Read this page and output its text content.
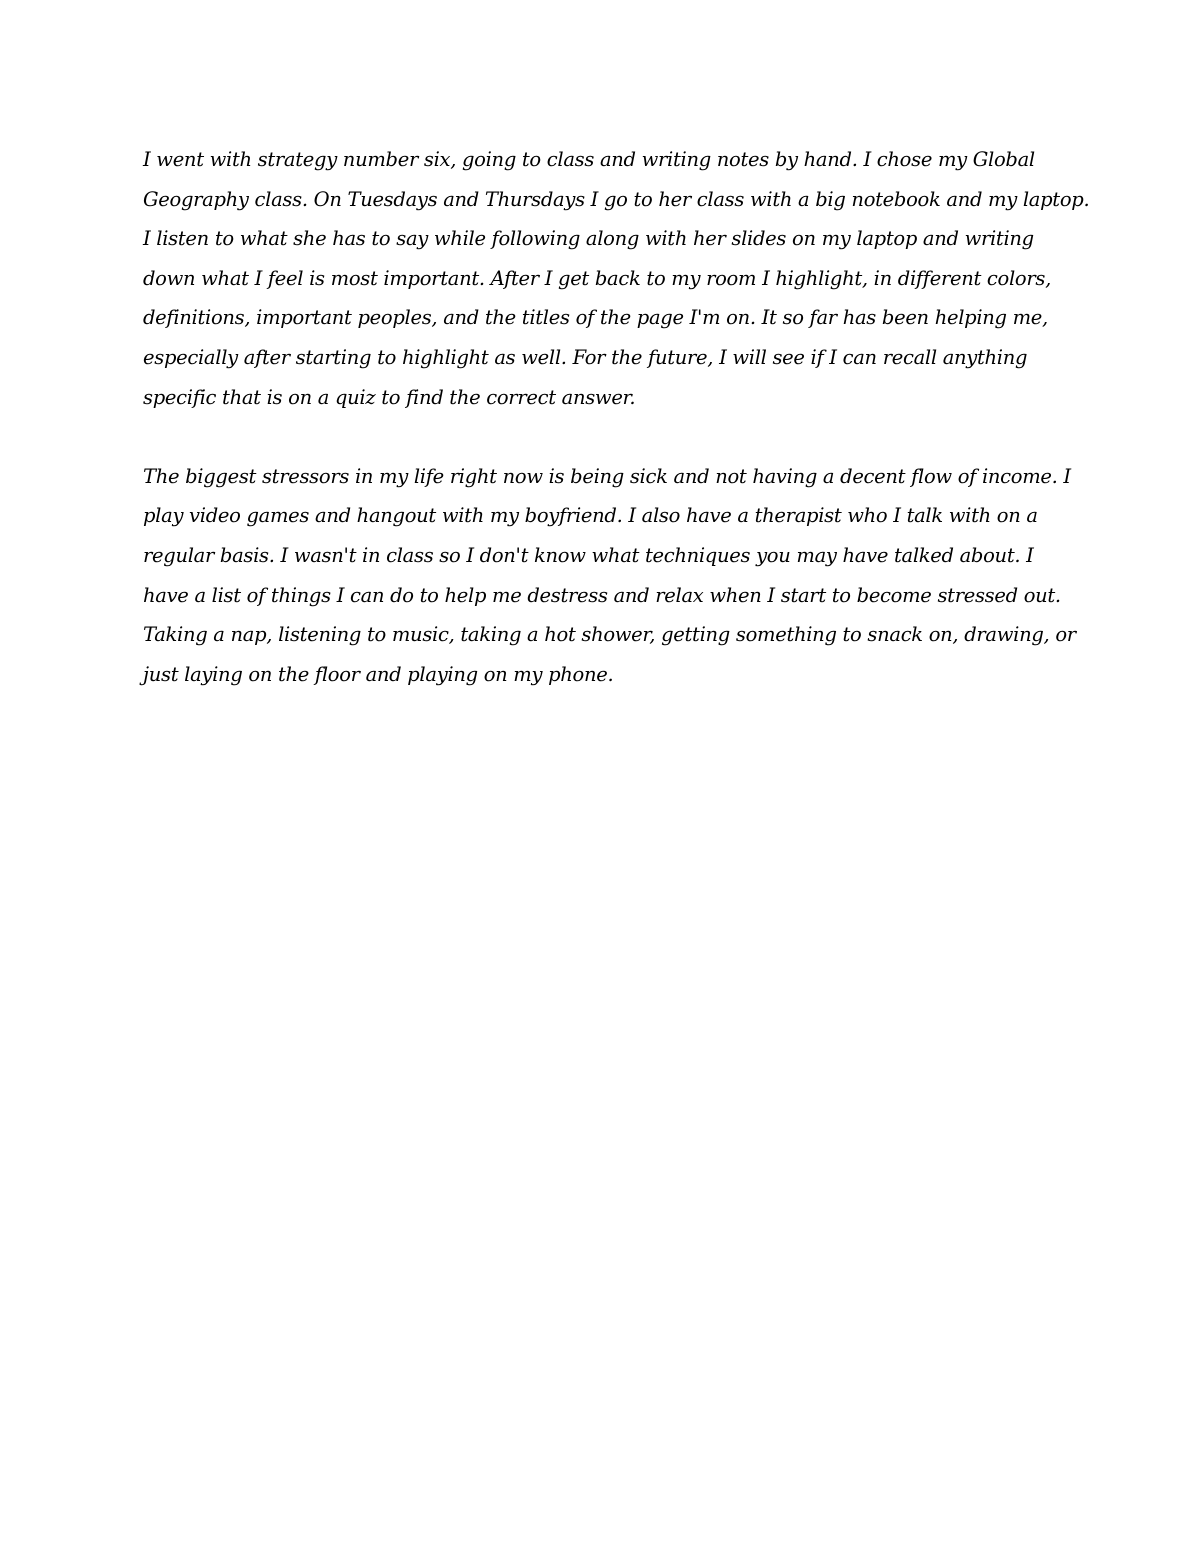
I went with strategy number six, going to class and writing notes by hand. I chose my Global
Geography class. On Tuesdays and Thursdays I go to her class with a big notebook and my laptop.
I listen to what she has to say while following along with her slides on my laptop and writing
down what I feel is most important. After I get back to my room I highlight, in different colors,
definitions, important peoples, and the titles of the page I'm on. It so far has been helping me,
especially after starting to highlight as well. For the future, I will see if I can recall anything
specific that is on a quiz to find the correct answer.
The biggest stressors in my life right now is being sick and not having a decent flow of income. I
play video games and hangout with my boyfriend. I also have a therapist who I talk with on a
regular basis. I wasn't in class so I don't know what techniques you may have talked about. I
have a list of things I can do to help me destress and relax when I start to become stressed out.
Taking a nap, listening to music, taking a hot shower, getting something to snack on, drawing, or
just laying on the floor and playing on my phone.
